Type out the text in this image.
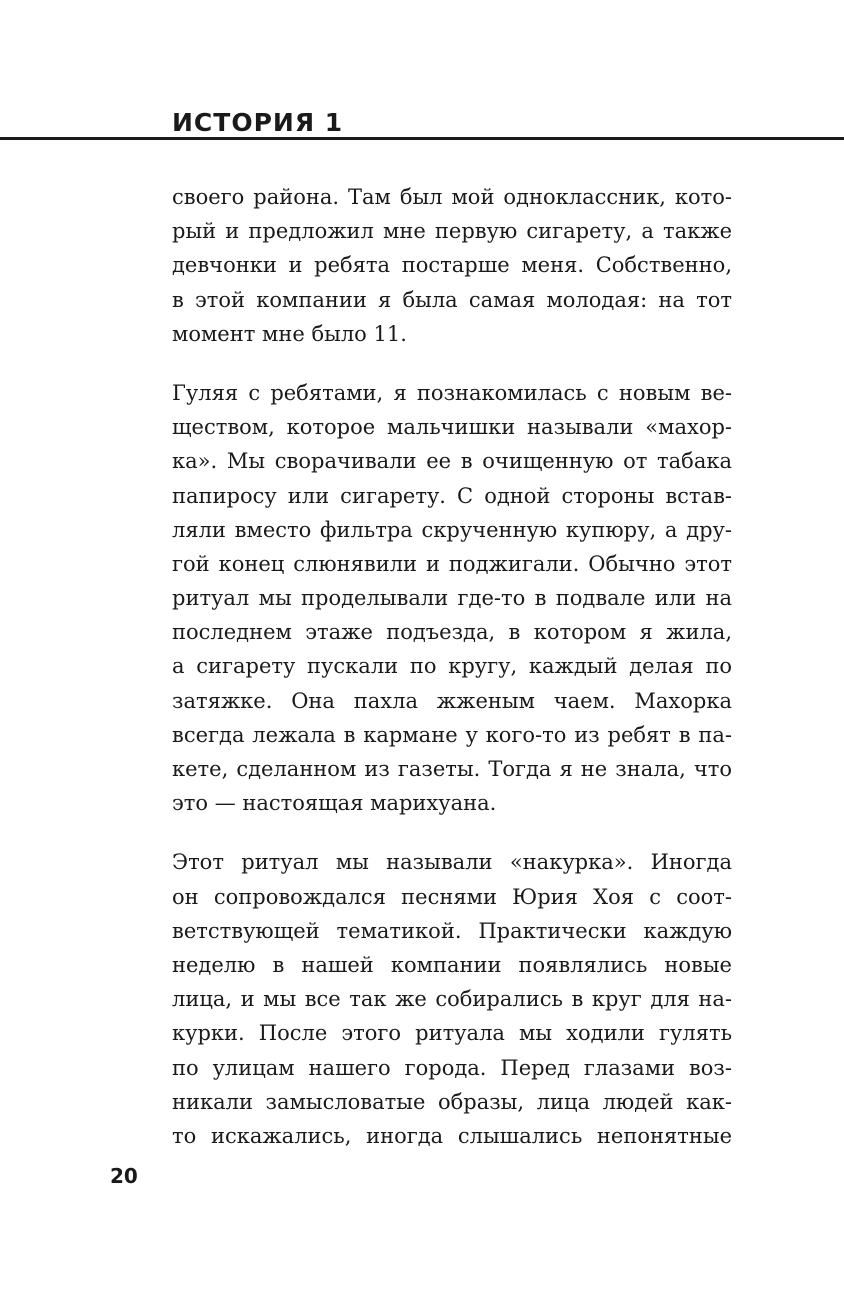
ИСТОРИЯ 1

своего района. Там был мой одноклассник, кото-
рый и предложил мне первую сигарету, а также
девчонки и ребята постарше меня. Собственно,
в этой компании я была самая молодая: на тот
момент мне было 11.

Гуляя с ребятами, я познакомилась с новым ве-
ществом, которое мальчишки называли «махор-
ка». Мы сворачивали ее в очищенную от табака
папиросу или сигарету. С одной стороны встав-
ляли вместо фильтра скрученную купюру, а дру-
гой конец слюнявили и поджигали. Обычно этот
ритуал мы проделывали где-то в подвале или на
последнем этаже подъезда, в котором я жила,
а сигарету пускали по кругу, каждый делая по
затяжке. Она пахла жженым чаем. Махорка
всегда лежала в кармане у кого-то из ребят в па-
кете, сделанном из газеты. Тогда я не знала, что
это — настоящая марихуана.

Этот ритуал мы называли «накурка». Иногда
он сопровождался песнями Юрия Хоя с соот-
ветствующей тематикой. Практически каждую
неделю в нашей компании появлялись новые
лица, и мы все так же собирались в круг для на-
курки. После этого ритуала мы ходили гулять
по улицам нашего города. Перед глазами воз-
никали замысловатые образы, лица людей как-
то искажались, иногда слышались непонятные

20
